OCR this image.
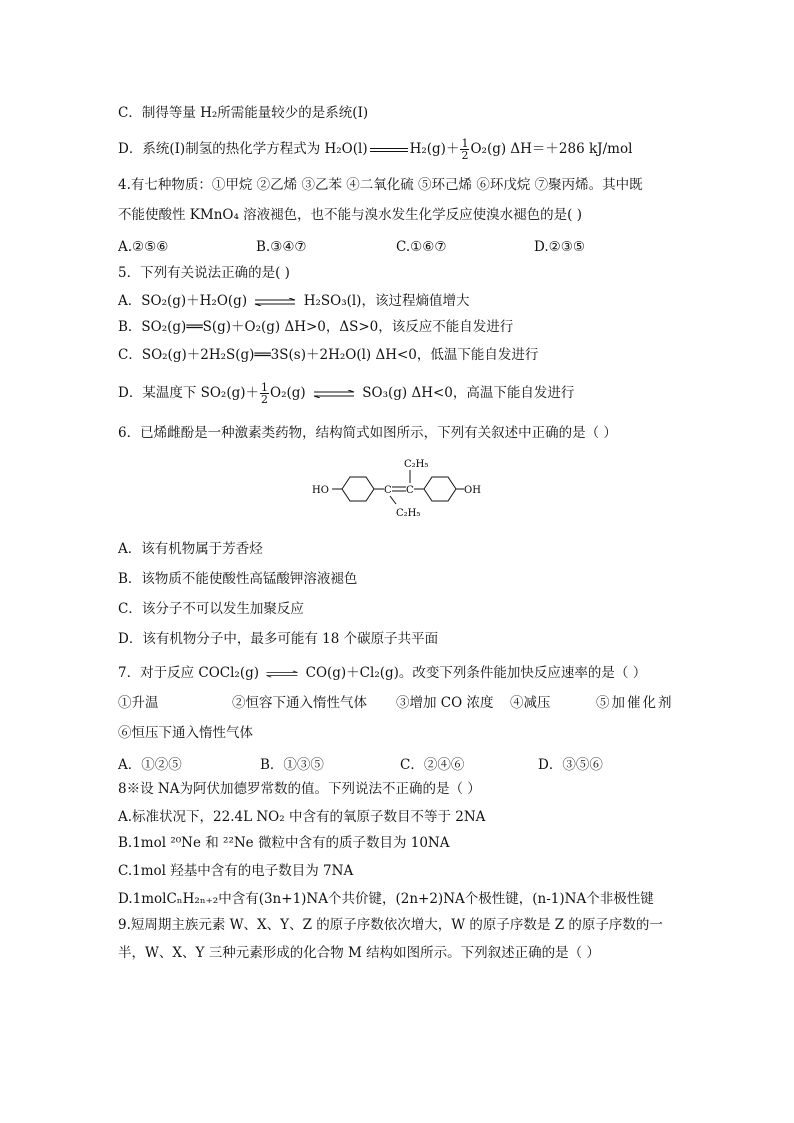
C．制得等量 H₂所需能量较少的是系统(I)
D．系统(I)制氢的热化学方程式为 H₂O(l)	$H_2(g)+ \frac{1}{2} O_2(g)$ ΔH＝＋286 kJ/mol
4.有七种物质：①甲烷 ②乙烯 ③乙苯 ④二氧化硫 ⑤环己烯 ⑥环戊烷 ⑦聚丙烯。其中既
不能使酸性 KMnO₄ 溶液褪色，也不能与溴水发生化学反应使溴水褪色的是( )
A.②⑤⑥	B.③④⑦	C.①⑥⑦	D.②③⑤
5．下列有关说法正确的是( )
A．SO₂(g)＋H₂O(g) ⇌ H₂SO₃(l)，该过程熵值增大
B．SO₂(g)══S(g)＋O₂(g) ΔH>0，ΔS>0，该反应不能自发进行
C．SO₂(g)＋2H₂S(g)══3S(s)＋2H₂O(l) ΔH<0，低温下能自发进行
D．某温度下 $SO_2(g)+ \frac{1}{2} O_2(g)$ ⇌ SO₃(g) ΔH<0，高温下能自发进行
6．已烯雌酚是一种激素类药物，结构简式如图所示，下列有关叙述中正确的是（ ）
HO	C C
C₂H₅
C₂H₅
OH
A．该有机物属于芳香烃
B．该物质不能使酸性高锰酸钾溶液褪色
C．该分子不可以发生加聚反应
D．该有机物分子中，最多可能有 18 个碳原子共平面
7．对于反应 COCl₂(g) ⇌ CO(g)＋Cl₂(g)。改变下列条件能加快反应速率的是（ ）
①升温	②恒容下通入惰性气体 ③增加 CO 浓度 ④减压	⑤加催化剂
⑥恒压下通入惰性气体
A．①②⑤	B．①③⑤	C．②④⑥	D．③⑤⑥
8※设 NA为阿伏加德罗常数的值。下列说法不正确的是（ ）
A.标准状况下，22.4L NO₂ 中含有的氧原子数目不等于 2NA
B.1mol ²⁰Ne 和 ²²Ne 微粒中含有的质子数目为 10NA
C.1mol 羟基中含有的电子数目为 7NA
D.1molCₙH₂ₙ₊₂中含有(3n+1)NA个共价键，(2n+2)NA个极性键，(n-1)NA个非极性键
9.短周期主族元素 W、X、Y、Z 的原子序数依次增大，W 的原子序数是 Z 的原子序数的一
半，W、X、Y 三种元素形成的化合物 M 结构如图所示。下列叙述正确的是（ ）
